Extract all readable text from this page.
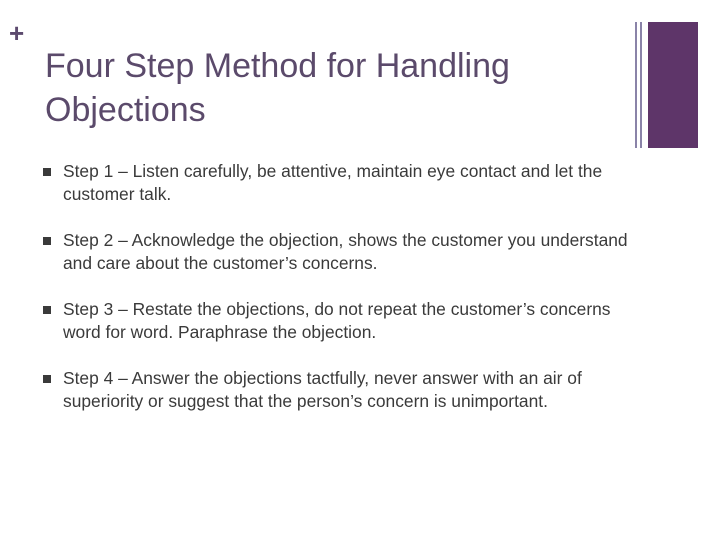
+
Four Step Method for Handling Objections
Step 1 – Listen carefully, be attentive, maintain eye contact and let the customer talk.
Step 2 – Acknowledge the objection, shows the customer you understand and care about the customer’s concerns.
Step 3 – Restate the objections, do not repeat the customer’s concerns word for word. Paraphrase the objection.
Step 4 – Answer the objections tactfully, never answer with an air of superiority or suggest that the person’s concern is unimportant.
